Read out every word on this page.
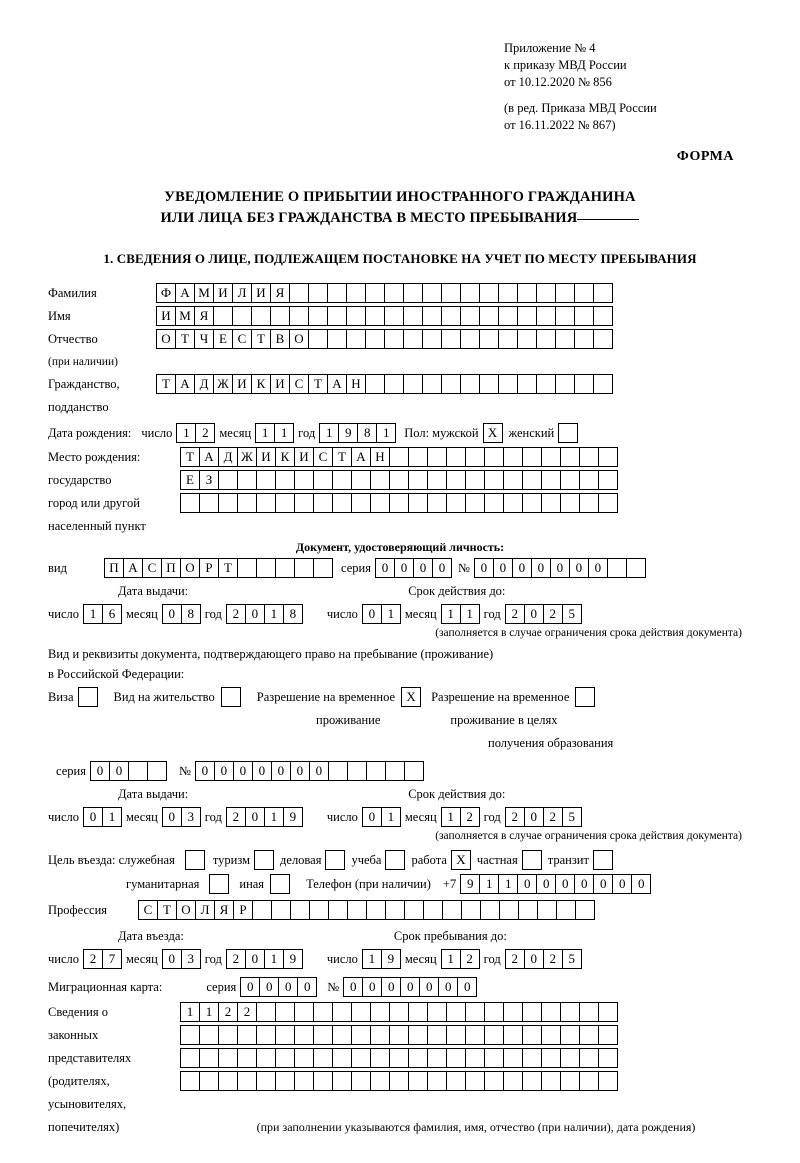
Приложение № 4
к приказу МВД России
от 10.12.2020 № 856
(в ред. Приказа МВД России
от 16.11.2022 № 867)
ФОРМА
УВЕДОМЛЕНИЕ О ПРИБЫТИИ ИНОСТРАННОГО ГРАЖДАНИНА
ИЛИ ЛИЦА БЕЗ ГРАЖДАНСТВА В МЕСТО ПРЕБЫВАНИЯ
1. СВЕДЕНИЯ О ЛИЦЕ, ПОДЛЕЖАЩЕМ ПОСТАНОВКЕ НА УЧЕТ ПО МЕСТУ ПРЕБЫВАНИЯ
Фамилия	Ф А М И Л И Я
Имя	И М Я
Отчество	О Т Ч Е С Т В О
(при наличии)
Гражданство,	Т А Д Ж И К И С Т А Н
подданство
Дата рождения: число 1 2 месяц 1 1 год 1 9 8 1	Пол: мужской Х женский
Место рождения:	Т А Д Ж И К И С Т А Н
государство	Е З
город или другой
населенный пункт
Документ, удостоверяющий личность:
вид	П А С П О Р Т	серия 0 0 0 0	№ 0 0 0 0 0 0 0
Дата выдачи:	Срок действия до:
число 1 6 месяц 0 8 год 2 0 1 8	число 0 1 месяц 1 1 год 2 0 2 5
(заполняется в случае ограничения срока действия документа)
Вид и реквизиты документа, подтверждающего право на пребывание (проживание)
в Российской Федерации:
Виза	Вид на жительство	Разрешение на временное Х	Разрешение на временное
проживание	проживание в целях
получения образования
серия 0 0	№ 0 0 0 0 0 0 0
Дата выдачи:	Срок действия до:
число 0 1 месяц 0 3 год 2 0 1 9	число 0 1 месяц 1 2 год 2 0 2 5
(заполняется в случае ограничения срока действия документа)
Цель въезда: служебная	туризм деловая учеба работа Х частная транзит
гуманитарная	иная	Телефон (при наличии) +7 9 1 1 0 0 0 0 0 0 0
Профессия	С Т О Л Я Р
Дата въезда:	Срок пребывания до:
число 2 7 месяц 0 3 год 2 0 1 9	число 1 9 месяц 1 2 год 2 0 2 5
Миграционная карта:	серия 0 0 0 0	№ 0 0 0 0 0 0 0
Сведения о	1 1 2 2
законных
представителях
(родителях,
усыновителях,
попечителях)	(при заполнении указываются фамилия, имя, отчество (при наличии), дата рождения)
